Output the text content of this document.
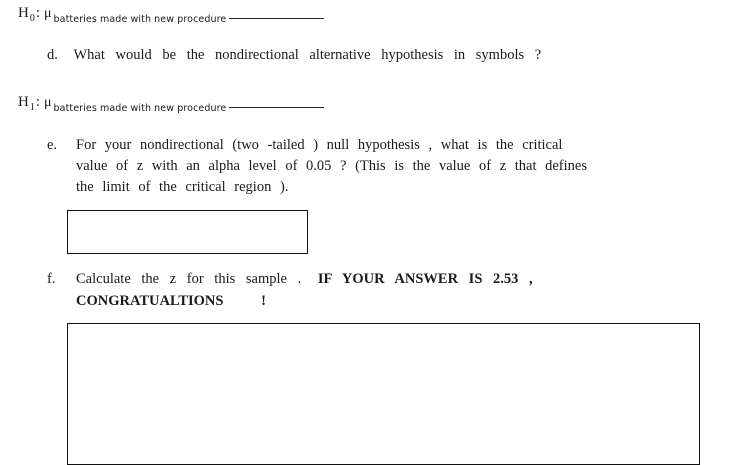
$H_0$: μ $_{batteries made with new procedure}$
d. What would be the nondirectional alternative hypothesis in symbols ?
$H_1$: μ $_{batteries made with new procedure}$
e. For your nondirectional (two -tailed ) null hypothesis , what is the critical
value of z with an alpha level of 0.05 ? (This is the value of z that defines
the limit of the critical region ).
f. Calculate the z for this sample . IF YOUR ANSWER IS 2.53 ,
CONGRATUALTIONS !
